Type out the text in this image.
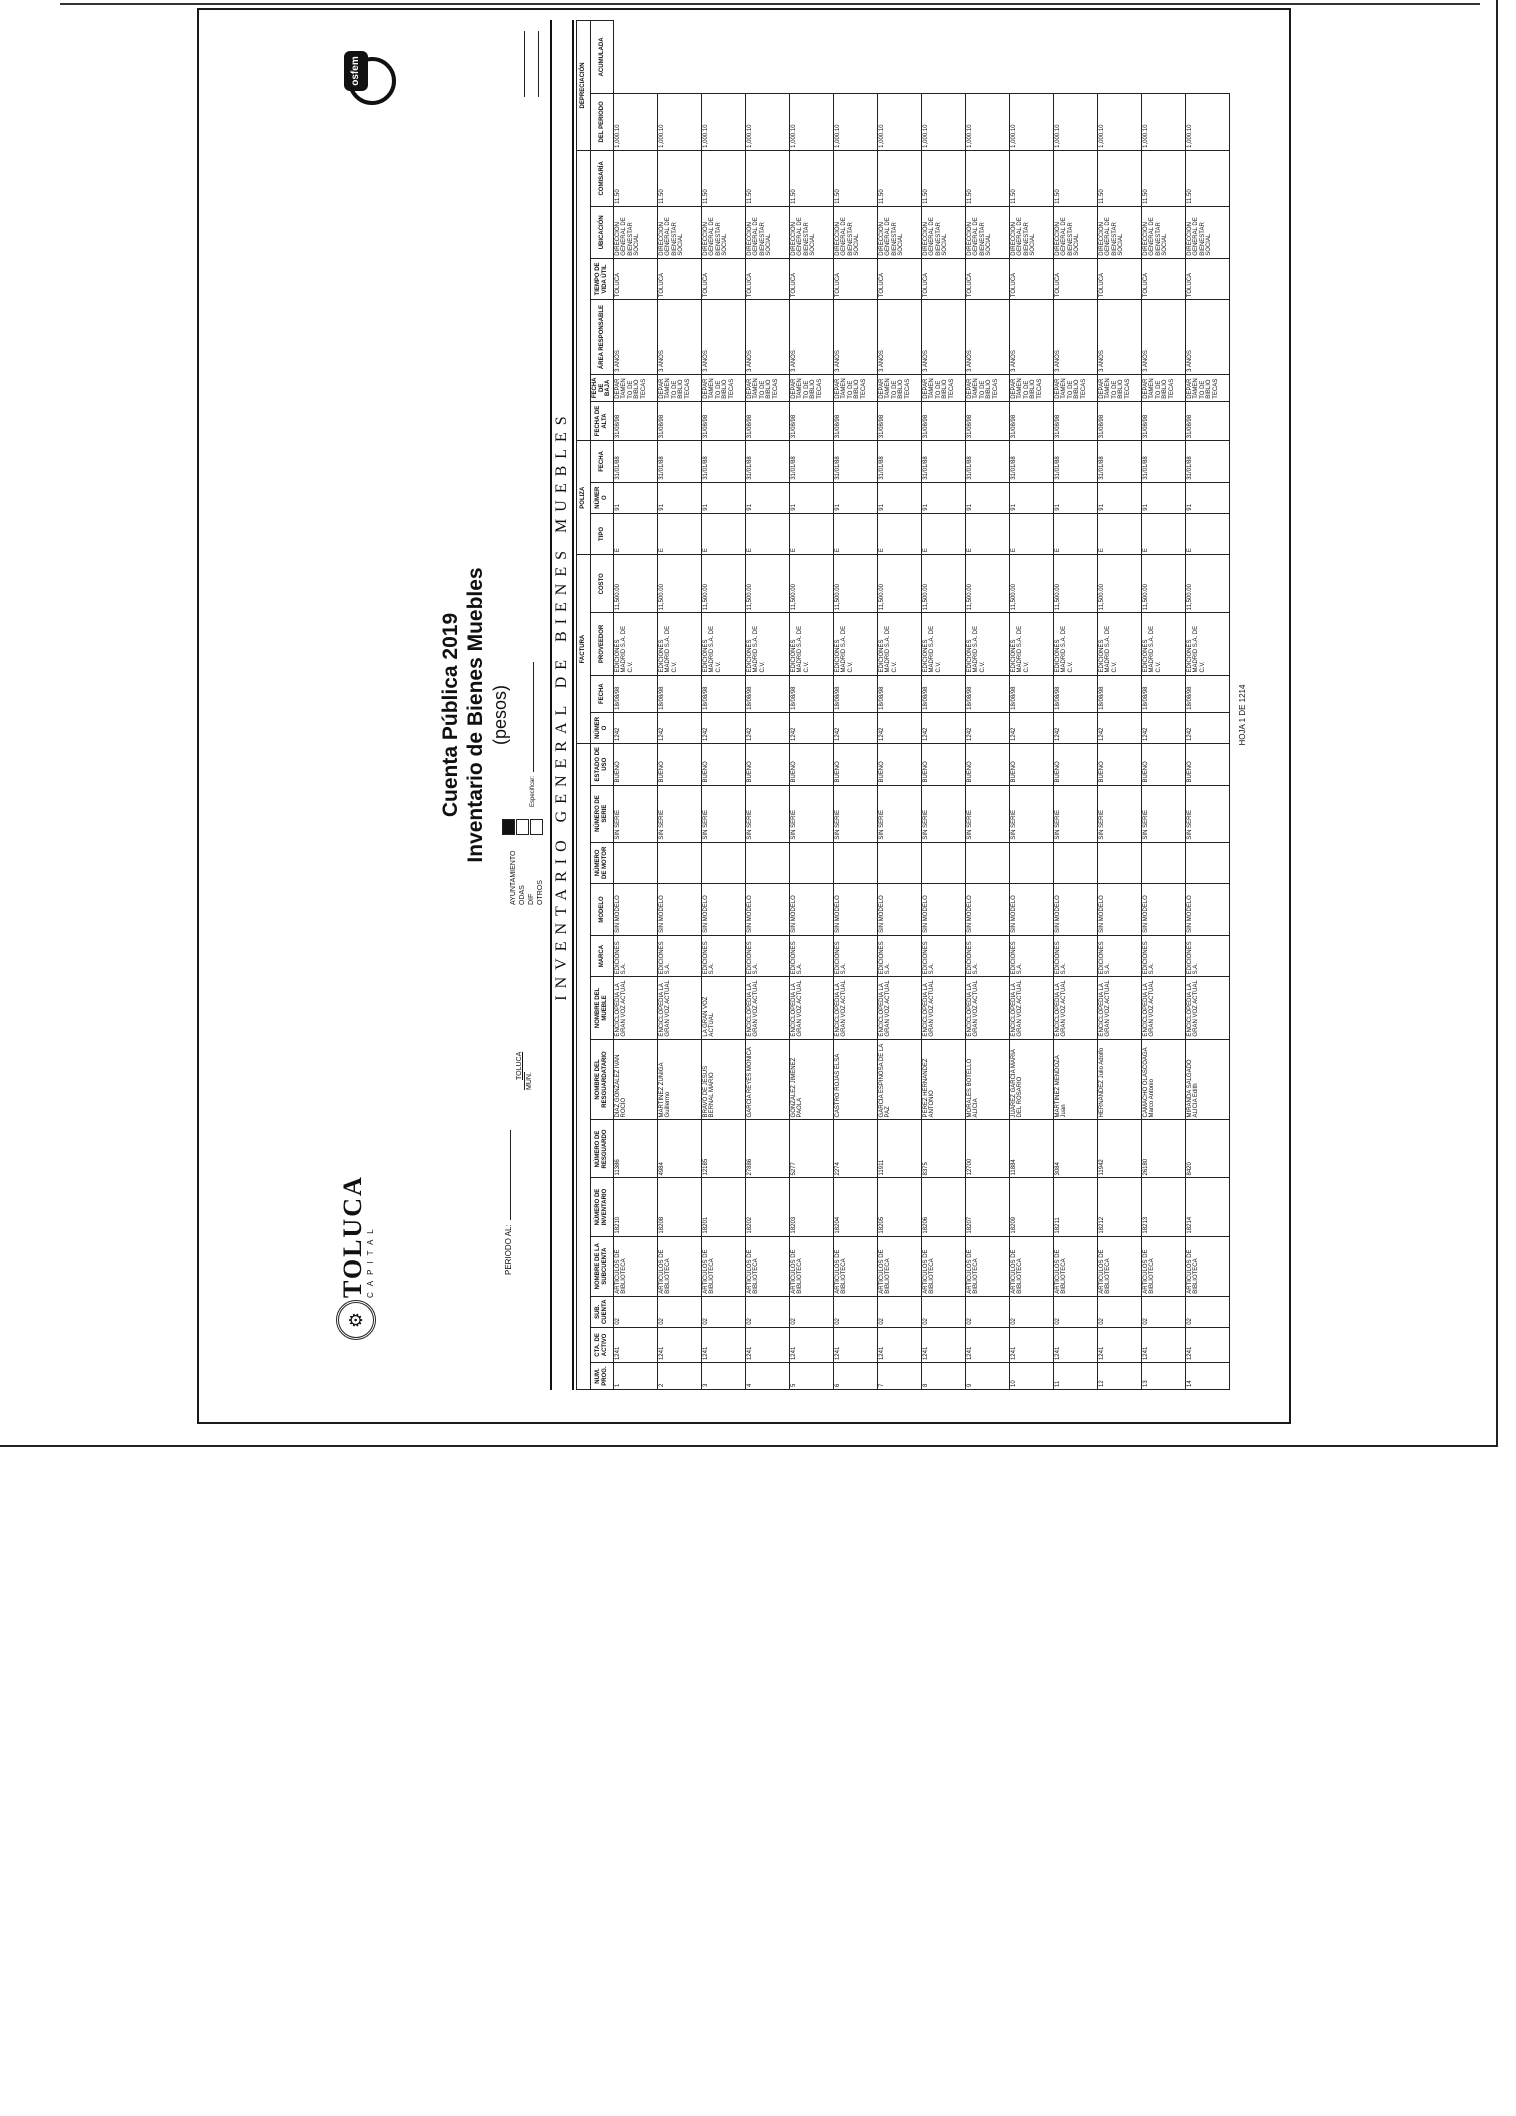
⚙
TOLUCA CAPITAL
Cuenta Pública 2019 Inventario de Bienes Muebles (pesos)
osfem
PERIODO AL:
TOLUCA
MUN.
AYUNTAMIENTO ODAS DIF OTROS
Especificar: INVENTARIO GENERAL DE BIENES MUEBLES
													FACTURA				POLIZA									DEPRECIACIÓN	
NUM. PROG.	CTA. DE ACTIVO	SUB. CUENTA	NOMBRE DE LA SUBCUENTA	NÚMERO DE INVENTARIO	NÚMERO DE RESGUARDO	NOMBRE DEL RESGUARDATARIO	NOMBRE DEL MUEBLE	MARCA	MODELO	NÚMERO DE MOTOR	NÚMERO DE SERIE	ESTADO DE USO	NÚMERO	FECHA	PROVEEDOR	COSTO	TIPO	NÚMERO	FECHA	FECHA DE ALTA	FECHA DE BAJA	ÁREA RESPONSABLE	TIEMPO DE VIDA ÚTIL	UBICACIÓN	COMISARÍA	DEL PERIODO	ACUMULADA
1	1241	02	ARTÍCULOS DE BIBLIOTECA	18210	11386	DÍAZ GONZÁLEZ IVAN ROCÍO	ENCICLOPEDIA LA GRAN VOZ ACTUAL	EDICIONES S.A.	SIN MODELO		SIN SERIE	BUENO	1242	18/08/98	EDICIONES MADRID S.A. DE C.V.	11,500.00	E	91	31/01/88	31/08/98	DEPARTAMENTO DE BIBLIOTECAS	3 AÑOS	TOLUCA	DIRECCIÓN GENERAL DE BIENESTAR SOCIAL	11.50	1,000.10	
2	1241	02	ARTÍCULOS DE BIBLIOTECA	18208	4984	MARTÍNEZ ZÚÑIGA Guillermo	ENCICLOPEDIA LA GRAN VOZ ACTUAL	EDICIONES S.A.	SIN MODELO		SIN SERIE	BUENO	1242	18/08/98	EDICIONES MADRID S.A. DE C.V.	11,500.00	E	91	31/01/88	31/08/98	DEPARTAMENTO DE BIBLIOTECAS	3 AÑOS	TOLUCA	DIRECCIÓN GENERAL DE BIENESTAR SOCIAL	11.50	1,000.10	
3	1241	02	ARTÍCULOS DE BIBLIOTECA	18201	12185	BRAVO DE JESÚS BERNAL MARIO	LA GRAN VOZ ACTUAL	EDICIONES S.A.	SIN MODELO		SIN SERIE	BUENO	1242	18/08/98	EDICIONES MADRID S.A. DE C.V.	11,500.00	E	91	31/01/88	31/08/98	DEPARTAMENTO DE BIBLIOTECAS	3 AÑOS	TOLUCA	DIRECCIÓN GENERAL DE BIENESTAR SOCIAL	11.50	1,000.10	
4	1241	02	ARTÍCULOS DE BIBLIOTECA	18202	27886	GARCÍA REYES MÓNICA	ENCICLOPEDIA LA GRAN VOZ ACTUAL	EDICIONES S.A.	SIN MODELO		SIN SERIE	BUENO	1242	18/08/98	EDICIONES MADRID S.A. DE C.V.	11,500.00	E	91	31/01/88	31/08/98	DEPARTAMENTO DE BIBLIOTECAS	3 AÑOS	TOLUCA	DIRECCIÓN GENERAL DE BIENESTAR SOCIAL	11.50	1,000.10	
5	1241	02	ARTÍCULOS DE BIBLIOTECA	18203	5277	GONZÁLEZ JIMÉNEZ PAOLA	ENCICLOPEDIA LA GRAN VOZ ACTUAL	EDICIONES S.A.	SIN MODELO		SIN SERIE	BUENO	1242	18/08/98	EDICIONES MADRID S.A. DE C.V.	11,500.00	E	91	31/01/88	31/08/98	DEPARTAMENTO DE BIBLIOTECAS	3 AÑOS	TOLUCA	DIRECCIÓN GENERAL DE BIENESTAR SOCIAL	11.50	1,000.10	
6	1241	02	ARTÍCULOS DE BIBLIOTECA	18204	2274	CASTRO ROJAS ELSA	ENCICLOPEDIA LA GRAN VOZ ACTUAL	EDICIONES S.A.	SIN MODELO		SIN SERIE	BUENO	1242	18/08/98	EDICIONES MADRID S.A. DE C.V.	11,500.00	E	91	31/01/88	31/08/98	DEPARTAMENTO DE BIBLIOTECAS	3 AÑOS	TOLUCA	DIRECCIÓN GENERAL DE BIENESTAR SOCIAL	11.50	1,000.10	
7	1241	02	ARTÍCULOS DE BIBLIOTECA	18205	11911	GARCÍA ESPINOSA DE LA PAZ	ENCICLOPEDIA LA GRAN VOZ ACTUAL	EDICIONES S.A.	SIN MODELO		SIN SERIE	BUENO	1242	18/08/98	EDICIONES MADRID S.A. DE C.V.	11,500.00	E	91	31/01/88	31/08/98	DEPARTAMENTO DE BIBLIOTECAS	3 AÑOS	TOLUCA	DIRECCIÓN GENERAL DE BIENESTAR SOCIAL	11.50	1,000.10	
8	1241	02	ARTÍCULOS DE BIBLIOTECA	18206	8375	PÉREZ HERNÁNDEZ ANTONIO	ENCICLOPEDIA LA GRAN VOZ ACTUAL	EDICIONES S.A.	SIN MODELO		SIN SERIE	BUENO	1242	18/08/98	EDICIONES MADRID S.A. DE C.V.	11,500.00	E	91	31/01/88	31/08/98	DEPARTAMENTO DE BIBLIOTECAS	3 AÑOS	TOLUCA	DIRECCIÓN GENERAL DE BIENESTAR SOCIAL	11.50	1,000.10	
9	1241	02	ARTÍCULOS DE BIBLIOTECA	18207	12700	MORALES BOTELLO ALICIA	ENCICLOPEDIA LA GRAN VOZ ACTUAL	EDICIONES S.A.	SIN MODELO		SIN SERIE	BUENO	1242	18/08/98	EDICIONES MADRID S.A. DE C.V.	11,500.00	E	91	31/01/88	31/08/98	DEPARTAMENTO DE BIBLIOTECAS	3 AÑOS	TOLUCA	DIRECCIÓN GENERAL DE BIENESTAR SOCIAL	11.50	1,000.10	
10	1241	02	ARTÍCULOS DE BIBLIOTECA	18209	11884	JUÁREZ GARCÍA MARÍA DEL ROSARIO	ENCICLOPEDIA LA GRAN VOZ ACTUAL	EDICIONES S.A.	SIN MODELO		SIN SERIE	BUENO	1242	18/08/98	EDICIONES MADRID S.A. DE C.V.	11,500.00	E	91	31/01/88	31/08/98	DEPARTAMENTO DE BIBLIOTECAS	3 AÑOS	TOLUCA	DIRECCIÓN GENERAL DE BIENESTAR SOCIAL	11.50	1,000.10	
11	1241	02	ARTÍCULOS DE BIBLIOTECA	18211	3084	MARTÍNEZ MENDOZA Juan	ENCICLOPEDIA LA GRAN VOZ ACTUAL	EDICIONES S.A.	SIN MODELO		SIN SERIE	BUENO	1242	18/08/98	EDICIONES MADRID S.A. DE C.V.	11,500.00	E	91	31/01/88	31/08/98	DEPARTAMENTO DE BIBLIOTECAS	3 AÑOS	TOLUCA	DIRECCIÓN GENERAL DE BIENESTAR SOCIAL	11.50	1,000.10	
12	1241	02	ARTÍCULOS DE BIBLIOTECA	18212	11942	HERNÁNDEZ Julio Adolfo	ENCICLOPEDIA LA GRAN VOZ ACTUAL	EDICIONES S.A.	SIN MODELO		SIN SERIE	BUENO	1242	18/08/98	EDICIONES MADRID S.A. DE C.V.	11,500.00	E	91	31/01/88	31/08/98	DEPARTAMENTO DE BIBLIOTECAS	3 AÑOS	TOLUCA	DIRECCIÓN GENERAL DE BIENESTAR SOCIAL	11.50	1,000.10	
13	1241	02	ARTÍCULOS DE BIBLIOTECA	18213	26180	CAMACHO OLASCOAGA Marco Antonio	ENCICLOPEDIA LA GRAN VOZ ACTUAL	EDICIONES S.A.	SIN MODELO		SIN SERIE	BUENO	1242	18/08/98	EDICIONES MADRID S.A. DE C.V.	11,500.00	E	91	31/01/88	31/08/98	DEPARTAMENTO DE BIBLIOTECAS	3 AÑOS	TOLUCA	DIRECCIÓN GENERAL DE BIENESTAR SOCIAL	11.50	1,000.10	
14	1241	02	ARTÍCULOS DE BIBLIOTECA	18214	8420	MIRANDA SALGADO ALICIA Edith	ENCICLOPEDIA LA GRAN VOZ ACTUAL	EDICIONES S.A.	SIN MODELO		SIN SERIE	BUENO	1242	18/08/98	EDICIONES MADRID S.A. DE C.V.	11,500.00	E	91	31/01/88	31/08/98	DEPARTAMENTO DE BIBLIOTECAS	3 AÑOS	TOLUCA	DIRECCIÓN GENERAL DE BIENESTAR SOCIAL	11.50	1,000.10	
HOJA 1 DE 1214
